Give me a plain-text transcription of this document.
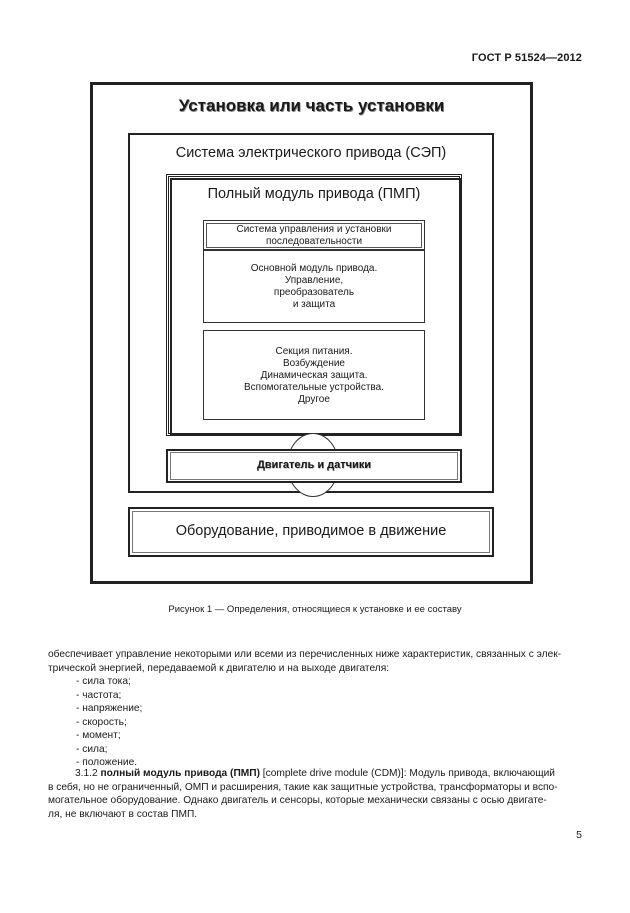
ГОСТ Р 51524—2012
Установка или часть установки
Система электрического привода (СЭП)
Полный модуль привода (ПМП)
Система управления и установки
последовательности
Основной модуль привода.
Управление,
преобразователь
и защита
Секция питания.
Возбуждение
Динамическая защита.
Вспомогательные устройства.
Другое
Двигатель и датчики
Оборудование, приводимое в движение
Рисунок 1 — Определения, относящиеся к установке и ее составу
обеспечивает управление некоторыми или всеми из перечисленных ниже характеристик, связанных с элек-
трической энергией, передаваемой к двигателю и на выходе двигателя:
- сила тока;
- частота;
- напряжение;
- скорость;
- момент;
- сила;
- положение.
3.1.2 полный модуль привода (ПМП) [complete drive module (CDM)]: Модуль привода, включающий
в себя, но не ограниченный, ОМП и расширения, такие как защитные устройства, трансформаторы и вспо-
могательное оборудование. Однако двигатель и сенсоры, которые механически связаны с осью двигате-
ля, не включают в состав ПМП.
5
